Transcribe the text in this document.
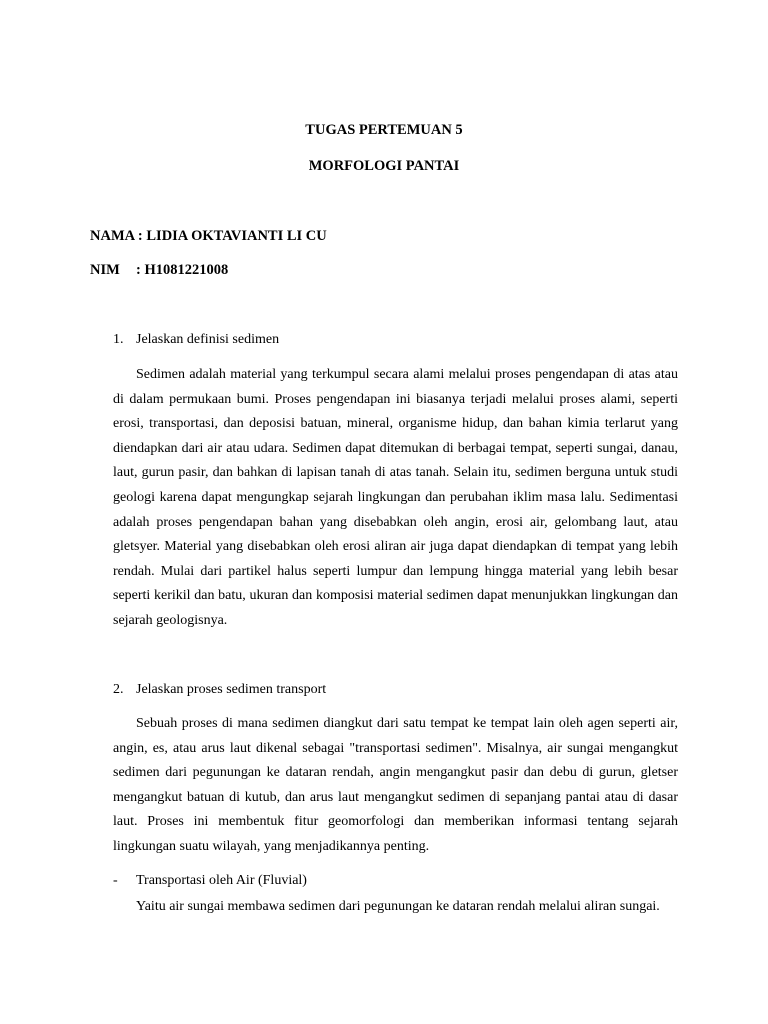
TUGAS PERTEMUAN 5
MORFOLOGI PANTAI
NAMA : LIDIA OKTAVIANTI LI CU
NIM : H1081221008
1. Jelaskan definisi sedimen

Sedimen adalah material yang terkumpul secara alami melalui proses pengendapan di atas atau di dalam permukaan bumi. Proses pengendapan ini biasanya terjadi melalui proses alami, seperti erosi, transportasi, dan deposisi batuan, mineral, organisme hidup, dan bahan kimia terlarut yang diendapkan dari air atau udara. Sedimen dapat ditemukan di berbagai tempat, seperti sungai, danau, laut, gurun pasir, dan bahkan di lapisan tanah di atas tanah. Selain itu, sedimen berguna untuk studi geologi karena dapat mengungkap sejarah lingkungan dan perubahan iklim masa lalu. Sedimentasi adalah proses pengendapan bahan yang disebabkan oleh angin, erosi air, gelombang laut, atau gletsyer. Material yang disebabkan oleh erosi aliran air juga dapat diendapkan di tempat yang lebih rendah. Mulai dari partikel halus seperti lumpur dan lempung hingga material yang lebih besar seperti kerikil dan batu, ukuran dan komposisi material sedimen dapat menunjukkan lingkungan dan sejarah geologisnya.

2. Jelaskan proses sedimen transport

Sebuah proses di mana sedimen diangkut dari satu tempat ke tempat lain oleh agen seperti air, angin, es, atau arus laut dikenal sebagai "transportasi sedimen". Misalnya, air sungai mengangkut sedimen dari pegunungan ke dataran rendah, angin mengangkut pasir dan debu di gurun, gletser mengangkut batuan di kutub, dan arus laut mengangkut sedimen di sepanjang pantai atau di dasar laut. Proses ini membentuk fitur geomorfologi dan memberikan informasi tentang sejarah lingkungan suatu wilayah, yang menjadikannya penting.

- Transportasi oleh Air (Fluvial)
Yaitu air sungai membawa sedimen dari pegunungan ke dataran rendah melalui aliran sungai.
